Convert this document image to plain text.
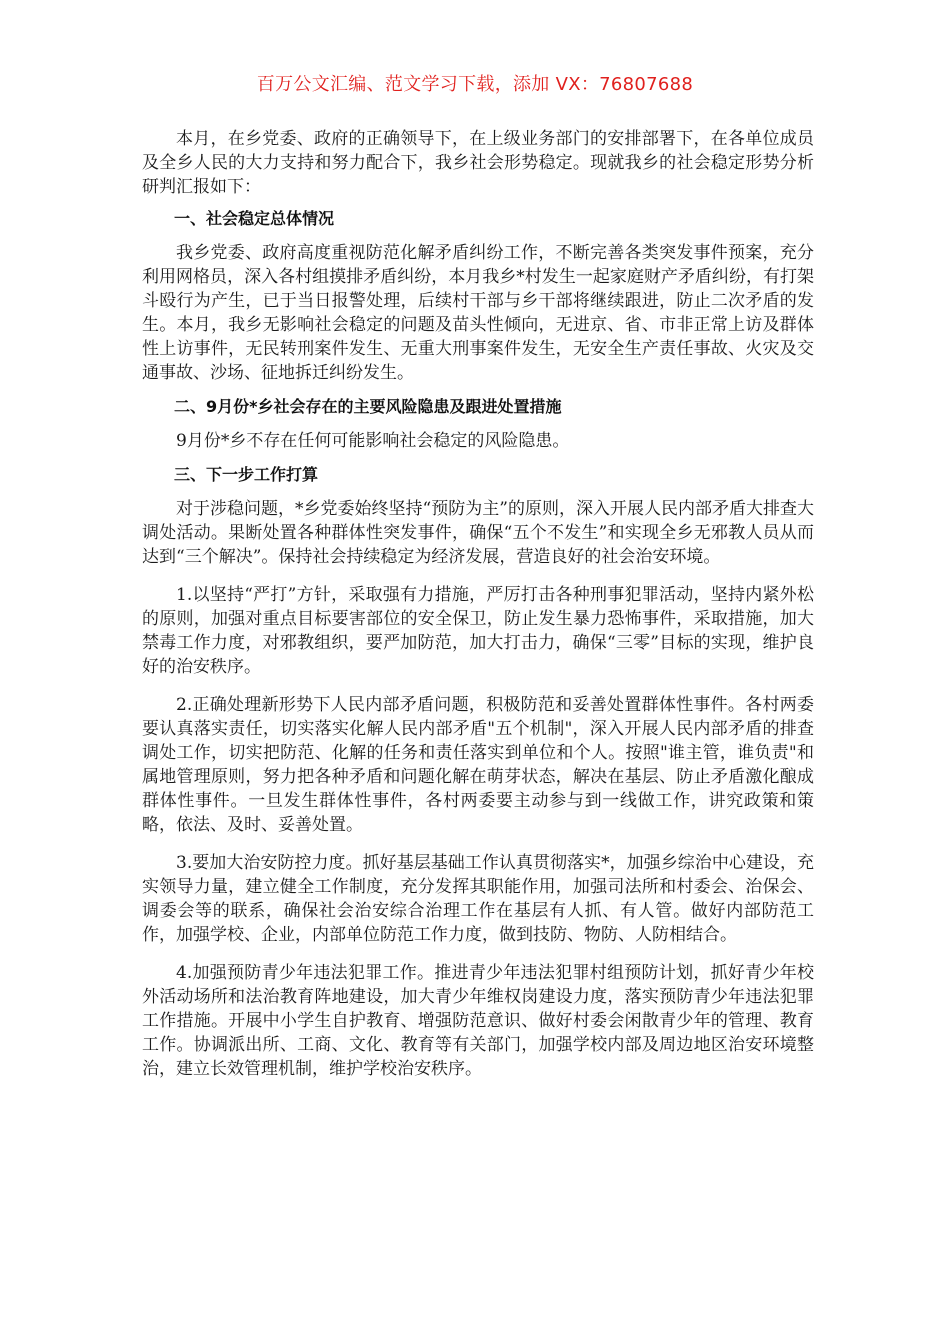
百万公文汇编、范文学习下载，添加 VX：76807688

本月，在乡党委、政府的正确领导下，在上级业务部门的安排部署下，在各单位成员及全乡人民的大力支持和努力配合下，我乡社会形势稳定。现就我乡的社会稳定形势分析研判汇报如下：

一、社会稳定总体情况

我乡党委、政府高度重视防范化解矛盾纠纷工作，不断完善各类突发事件预案，充分利用网格员，深入各村组摸排矛盾纠纷，本月我乡*村发生一起家庭财产矛盾纠纷，有打架斗殴行为产生，已于当日报警处理，后续村干部与乡干部将继续跟进，防止二次矛盾的发生。本月，我乡无影响社会稳定的问题及苗头性倾向，无进京、省、市非正常上访及群体性上访事件，无民转刑案件发生、无重大刑事案件发生，无安全生产责任事故、火灾及交通事故、沙场、征地拆迁纠纷发生。

二、9月份*乡社会存在的主要风险隐患及跟进处置措施

9月份*乡不存在任何可能影响社会稳定的风险隐患。

三、下一步工作打算

对于涉稳问题，*乡党委始终坚持“预防为主”的原则，深入开展人民内部矛盾大排查大调处活动。果断处置各种群体性突发事件，确保“五个不发生”和实现全乡无邪教人员从而达到“三个解决”。保持社会持续稳定为经济发展，营造良好的社会治安环境。

1.以坚持“严打”方针，采取强有力措施，严厉打击各种刑事犯罪活动，坚持内紧外松的原则，加强对重点目标要害部位的安全保卫，防止发生暴力恐怖事件，采取措施，加大禁毒工作力度，对邪教组织，要严加防范，加大打击力，确保“三零”目标的实现，维护良好的治安秩序。

2.正确处理新形势下人民内部矛盾问题，积极防范和妥善处置群体性事件。各村两委要认真落实责任，切实落实化解人民内部矛盾"五个机制"，深入开展人民内部矛盾的排查调处工作，切实把防范、化解的任务和责任落实到单位和个人。按照"谁主管，谁负责"和属地管理原则，努力把各种矛盾和问题化解在萌芽状态，解决在基层、防止矛盾激化酿成群体性事件。一旦发生群体性事件，各村两委要主动参与到一线做工作，讲究政策和策略，依法、及时、妥善处置。

3.要加大治安防控力度。抓好基层基础工作认真贯彻落实*，加强乡综治中心建设，充实领导力量，建立健全工作制度，充分发挥其职能作用，加强司法所和村委会、治保会、调委会等的联系，确保社会治安综合治理工作在基层有人抓、有人管。做好内部防范工作，加强学校、企业，内部单位防范工作力度，做到技防、物防、人防相结合。

4.加强预防青少年违法犯罪工作。推进青少年违法犯罪村组预防计划，抓好青少年校外活动场所和法治教育阵地建设，加大青少年维权岗建设力度，落实预防青少年违法犯罪工作措施。开展中小学生自护教育、增强防范意识、做好村委会闲散青少年的管理、教育工作。协调派出所、工商、文化、教育等有关部门，加强学校内部及周边地区治安环境整治，建立长效管理机制，维护学校治安秩序。
